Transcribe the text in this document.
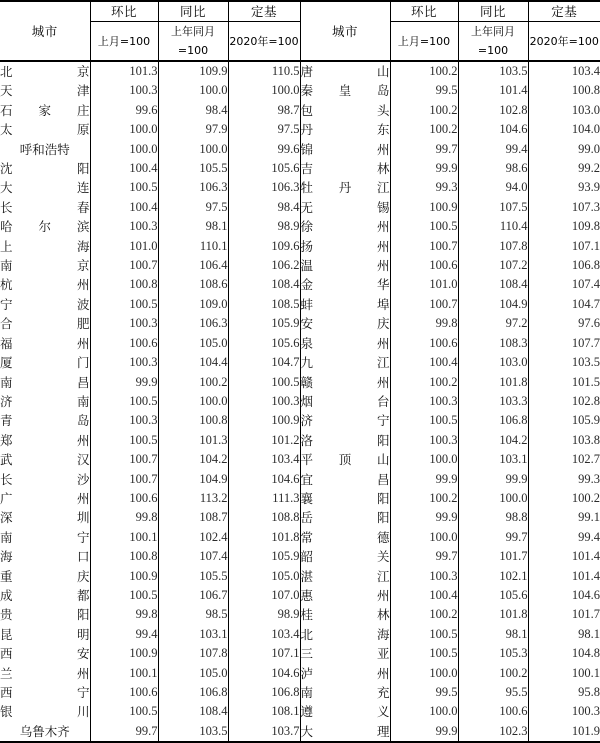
城市	环比	同比	定基	城市	环比	同比	定基
	上月=100	上年同月=100	2020年=100		上月=100	上年同月=100	2020年=100
北京	101.3	109.9	110.5	唐山	100.2	103.5	103.4
天津	100.3	100.0	100.0	秦皇岛	99.5	101.4	100.8
石家庄	99.6	98.4	98.7	包头	100.2	102.8	103.0
太原	100.0	97.9	97.5	丹东	100.2	104.6	104.0
呼和浩特	100.0	100.0	99.6	锦州	99.7	99.4	99.0
沈阳	100.4	105.5	105.6	吉林	99.9	98.6	99.2
大连	100.5	106.3	106.3	牡丹江	99.3	94.0	93.9
长春	100.4	97.5	98.4	无锡	100.9	107.5	107.3
哈尔滨	100.3	98.1	98.9	徐州	100.5	110.4	109.8
上海	101.0	110.1	109.6	扬州	100.7	107.8	107.1
南京	100.7	106.4	106.2	温州	100.6	107.2	106.8
杭州	100.8	108.6	108.4	金华	101.0	108.4	107.4
宁波	100.5	109.0	108.5	蚌埠	100.7	104.9	104.7
合肥	100.3	106.3	105.9	安庆	99.8	97.2	97.6
福州	100.6	105.0	105.6	泉州	100.6	108.3	107.7
厦门	100.3	104.4	104.7	九江	100.4	103.0	103.5
南昌	99.9	100.2	100.5	赣州	100.2	101.8	101.5
济南	100.5	100.0	100.3	烟台	100.3	103.3	102.8
青岛	100.3	100.8	100.9	济宁	100.5	106.8	105.9
郑州	100.5	101.3	101.2	洛阳	100.3	104.2	103.8
武汉	100.7	104.2	103.4	平顶山	100.0	103.1	102.7
长沙	100.7	104.9	104.6	宜昌	99.9	99.9	99.3
广州	100.6	113.2	111.3	襄阳	100.2	100.0	100.2
深圳	99.8	108.7	108.8	岳阳	99.9	98.8	99.1
南宁	100.1	102.4	101.8	常德	100.0	99.7	99.4
海口	100.8	107.4	105.9	韶关	99.7	101.7	101.4
重庆	100.9	105.5	105.0	湛江	100.3	102.1	101.4
成都	100.5	106.7	107.0	惠州	100.4	105.6	104.6
贵阳	99.8	98.5	98.9	桂林	100.2	101.8	101.7
昆明	99.4	103.1	103.4	北海	100.5	98.1	98.1
西安	100.9	107.8	107.1	三亚	100.5	105.3	104.8
兰州	100.1	105.0	104.6	泸州	100.0	100.2	100.1
西宁	100.6	106.8	106.8	南充	99.5	95.5	95.8
银川	100.5	108.4	108.1	遵义	100.0	100.6	100.3
乌鲁木齐	99.7	103.5	103.7	大理	99.9	102.3	101.9
